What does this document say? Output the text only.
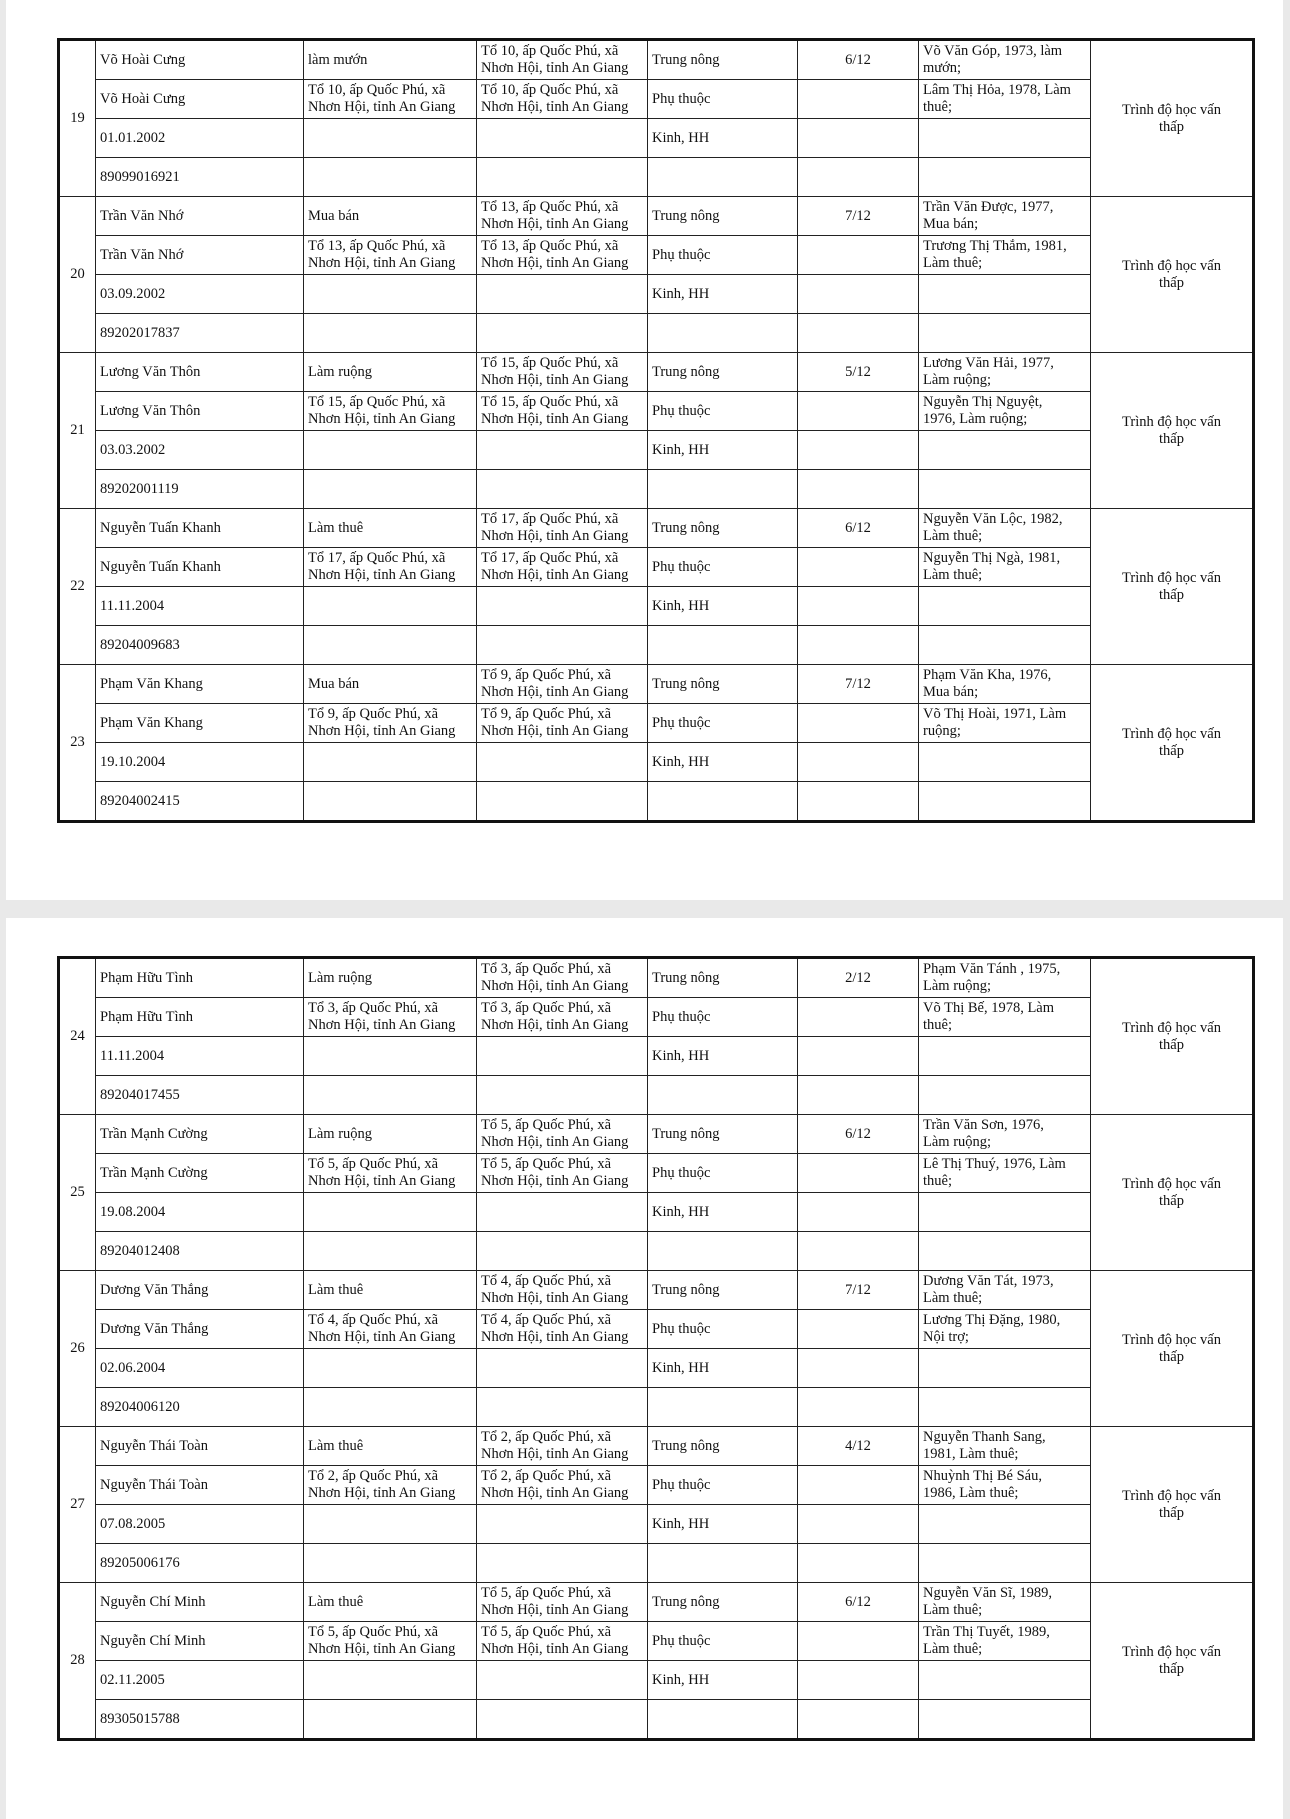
19	Võ Hoài Cưng	làm mướn	Tổ 10, ấp Quốc Phú, xã
Nhơn Hội, tỉnh An Giang	Trung nông	6/12	Võ Văn Góp, 1973, làm
mướn;	Trình độ học vấn
thấp

	Võ Hoài Cưng	Tổ 10, ấp Quốc Phú, xã
Nhơn Hội, tỉnh An Giang	Tổ 10, ấp Quốc Phú, xã
Nhơn Hội, tỉnh An Giang	Phụ thuộc		Lâm Thị Hỏa, 1978, Làm
thuê;	

	01.01.2002			Kinh, HH			
	89099016921						
20	Trần Văn Nhớ	Mua bán	Tổ 13, ấp Quốc Phú, xã
Nhơn Hội, tỉnh An Giang	Trung nông	7/12	Trần Văn Được, 1977,
Mua bán;	Trình độ học vấn
thấp

	Trần Văn Nhớ	Tổ 13, ấp Quốc Phú, xã
Nhơn Hội, tỉnh An Giang	Tổ 13, ấp Quốc Phú, xã
Nhơn Hội, tỉnh An Giang	Phụ thuộc		Trương Thị Thắm, 1981,
Làm thuê;	

	03.09.2002			Kinh, HH			
	89202017837						
21	Lương Văn Thôn	Làm ruộng	Tổ 15, ấp Quốc Phú, xã
Nhơn Hội, tỉnh An Giang	Trung nông	5/12	Lương Văn Hải, 1977,
Làm ruộng;	Trình độ học vấn
thấp

	Lương Văn Thôn	Tổ 15, ấp Quốc Phú, xã
Nhơn Hội, tỉnh An Giang	Tổ 15, ấp Quốc Phú, xã
Nhơn Hội, tỉnh An Giang	Phụ thuộc		Nguyễn Thị Nguyệt,
1976, Làm ruộng;	

	03.03.2002			Kinh, HH			
	89202001119						
22	Nguyễn Tuấn Khanh	Làm thuê	Tổ 17, ấp Quốc Phú, xã
Nhơn Hội, tỉnh An Giang	Trung nông	6/12	Nguyễn Văn Lộc, 1982,
Làm thuê;	Trình độ học vấn
thấp

	Nguyễn Tuấn Khanh	Tổ 17, ấp Quốc Phú, xã
Nhơn Hội, tỉnh An Giang	Tổ 17, ấp Quốc Phú, xã
Nhơn Hội, tỉnh An Giang	Phụ thuộc		Nguyễn Thị Ngà, 1981,
Làm thuê;	

	11.11.2004			Kinh, HH			
	89204009683						
23	Phạm Văn Khang	Mua bán	Tổ 9, ấp Quốc Phú, xã
Nhơn Hội, tỉnh An Giang	Trung nông	7/12	Phạm Văn Kha, 1976,
Mua bán;	Trình độ học vấn
thấp

	Phạm Văn Khang	Tổ 9, ấp Quốc Phú, xã
Nhơn Hội, tỉnh An Giang	Tổ 9, ấp Quốc Phú, xã
Nhơn Hội, tỉnh An Giang	Phụ thuộc		Võ Thị Hoài, 1971, Làm
ruộng;	

	19.10.2004			Kinh, HH			
	89204002415						
24	Phạm Hữu Tình	Làm ruộng	Tổ 3, ấp Quốc Phú, xã
Nhơn Hội, tỉnh An Giang	Trung nông	2/12	Phạm Văn Tánh , 1975,
Làm ruộng;	Trình độ học vấn
thấp

	Phạm Hữu Tình	Tổ 3, ấp Quốc Phú, xã
Nhơn Hội, tỉnh An Giang	Tổ 3, ấp Quốc Phú, xã
Nhơn Hội, tỉnh An Giang	Phụ thuộc		Võ Thị Bế, 1978, Làm
thuê;	

	11.11.2004			Kinh, HH			
	89204017455						
25	Trần Mạnh Cường	Làm ruộng	Tổ 5, ấp Quốc Phú, xã
Nhơn Hội, tỉnh An Giang	Trung nông	6/12	Trần Văn Sơn, 1976,
Làm ruộng;	Trình độ học vấn
thấp

	Trần Mạnh Cường	Tổ 5, ấp Quốc Phú, xã
Nhơn Hội, tỉnh An Giang	Tổ 5, ấp Quốc Phú, xã
Nhơn Hội, tỉnh An Giang	Phụ thuộc		Lê Thị Thuý, 1976, Làm
thuê;	

	19.08.2004			Kinh, HH			
	89204012408						
26	Dương Văn Thắng	Làm thuê	Tổ 4, ấp Quốc Phú, xã
Nhơn Hội, tỉnh An Giang	Trung nông	7/12	Dương Văn Tát, 1973,
Làm thuê;	Trình độ học vấn
thấp

	Dương Văn Thắng	Tổ 4, ấp Quốc Phú, xã
Nhơn Hội, tỉnh An Giang	Tổ 4, ấp Quốc Phú, xã
Nhơn Hội, tỉnh An Giang	Phụ thuộc		Lương Thị Đặng, 1980,
Nội trợ;	

	02.06.2004			Kinh, HH			
	89204006120						
27	Nguyễn Thái Toàn	Làm thuê	Tổ 2, ấp Quốc Phú, xã
Nhơn Hội, tỉnh An Giang	Trung nông	4/12	Nguyễn Thanh Sang,
1981, Làm thuê;	Trình độ học vấn
thấp

	Nguyễn Thái Toàn	Tổ 2, ấp Quốc Phú, xã
Nhơn Hội, tỉnh An Giang	Tổ 2, ấp Quốc Phú, xã
Nhơn Hội, tỉnh An Giang	Phụ thuộc		Nhuỳnh Thị Bé Sáu,
1986, Làm thuê;	

	07.08.2005			Kinh, HH			
	89205006176						
28	Nguyễn Chí Minh	Làm thuê	Tổ 5, ấp Quốc Phú, xã
Nhơn Hội, tỉnh An Giang	Trung nông	6/12	Nguyễn Văn Sĩ, 1989,
Làm thuê;	Trình độ học vấn
thấp

	Nguyễn Chí Minh	Tổ 5, ấp Quốc Phú, xã
Nhơn Hội, tỉnh An Giang	Tổ 5, ấp Quốc Phú, xã
Nhơn Hội, tỉnh An Giang	Phụ thuộc		Trần Thị Tuyết, 1989,
Làm thuê;	

	02.11.2005			Kinh, HH			
	89305015788						
